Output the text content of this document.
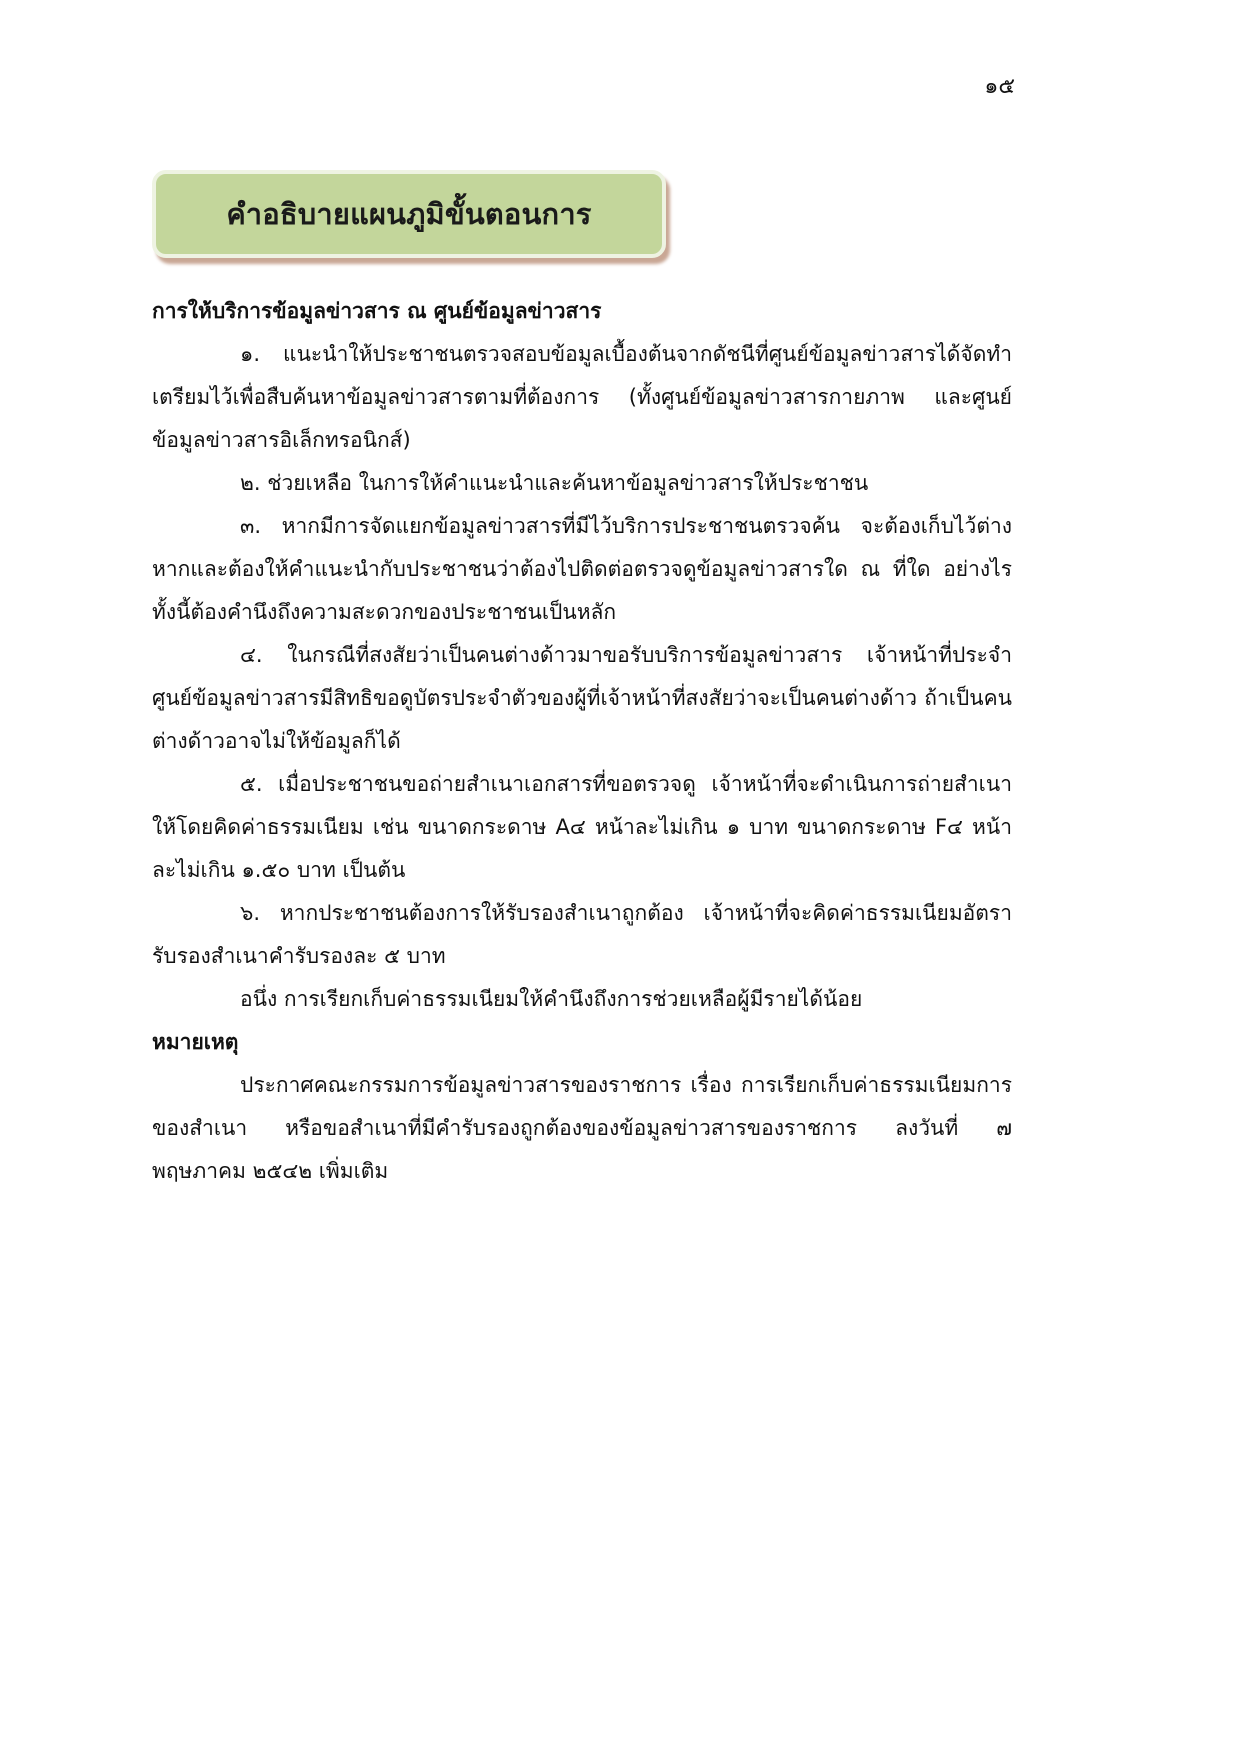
๑๕
คำอธิบายแผนภูมิขั้นตอนการ

การให้บริการข้อมูลข่าวสาร ณ ศูนย์ข้อมูลข่าวสาร

๑. แนะนำให้ประชาชนตรวจสอบข้อมูลเบื้องต้นจากดัชนีที่ศูนย์ข้อมูลข่าวสารได้จัดทำเตรียมไว้เพื่อสืบค้นหาข้อมูลข่าวสารตามที่ต้องการ (ทั้งศูนย์ข้อมูลข่าวสารกายภาพ และศูนย์ข้อมูลข่าวสารอิเล็กทรอนิกส์)

๒. ช่วยเหลือ ในการให้คำแนะนำและค้นหาข้อมูลข่าวสารให้ประชาชน

๓. หากมีการจัดแยกข้อมูลข่าวสารที่มีไว้บริการประชาชนตรวจค้น จะต้องเก็บไว้ต่างหากและต้องให้คำแนะนำกับประชาชนว่าต้องไปติดต่อตรวจดูข้อมูลข่าวสารใด ณ ที่ใด อย่างไร ทั้งนี้ต้องคำนึงถึงความสะดวกของประชาชนเป็นหลัก

๔. ในกรณีที่สงสัยว่าเป็นคนต่างด้าวมาขอรับบริการข้อมูลข่าวสาร เจ้าหน้าที่ประจำศูนย์ข้อมูลข่าวสารมีสิทธิขอดูบัตรประจำตัวของผู้ที่เจ้าหน้าที่สงสัยว่าจะเป็นคนต่างด้าว ถ้าเป็นคนต่างด้าวอาจไม่ให้ข้อมูลก็ได้

๕. เมื่อประชาชนขอถ่ายสำเนาเอกสารที่ขอตรวจดู เจ้าหน้าที่จะดำเนินการถ่ายสำเนาให้โดยคิดค่าธรรมเนียม เช่น ขนาดกระดาษ A๔ หน้าละไม่เกิน ๑ บาท ขนาดกระดาษ F๔ หน้าละไม่เกิน ๑.๕๐ บาท เป็นต้น

๖. หากประชาชนต้องการให้รับรองสำเนาถูกต้อง เจ้าหน้าที่จะคิดค่าธรรมเนียมอัตรารับรองสำเนาคำรับรองละ ๕ บาท

อนึ่ง การเรียกเก็บค่าธรรมเนียมให้คำนึงถึงการช่วยเหลือผู้มีรายได้น้อย

หมายเหตุ

ประกาศคณะกรรมการข้อมูลข่าวสารของราชการ เรื่อง การเรียกเก็บค่าธรรมเนียมการของสำเนา หรือขอสำเนาที่มีคำรับรองถูกต้องของข้อมูลข่าวสารของราชการ ลงวันที่ ๗ พฤษภาคม ๒๕๔๒ เพิ่มเติม
